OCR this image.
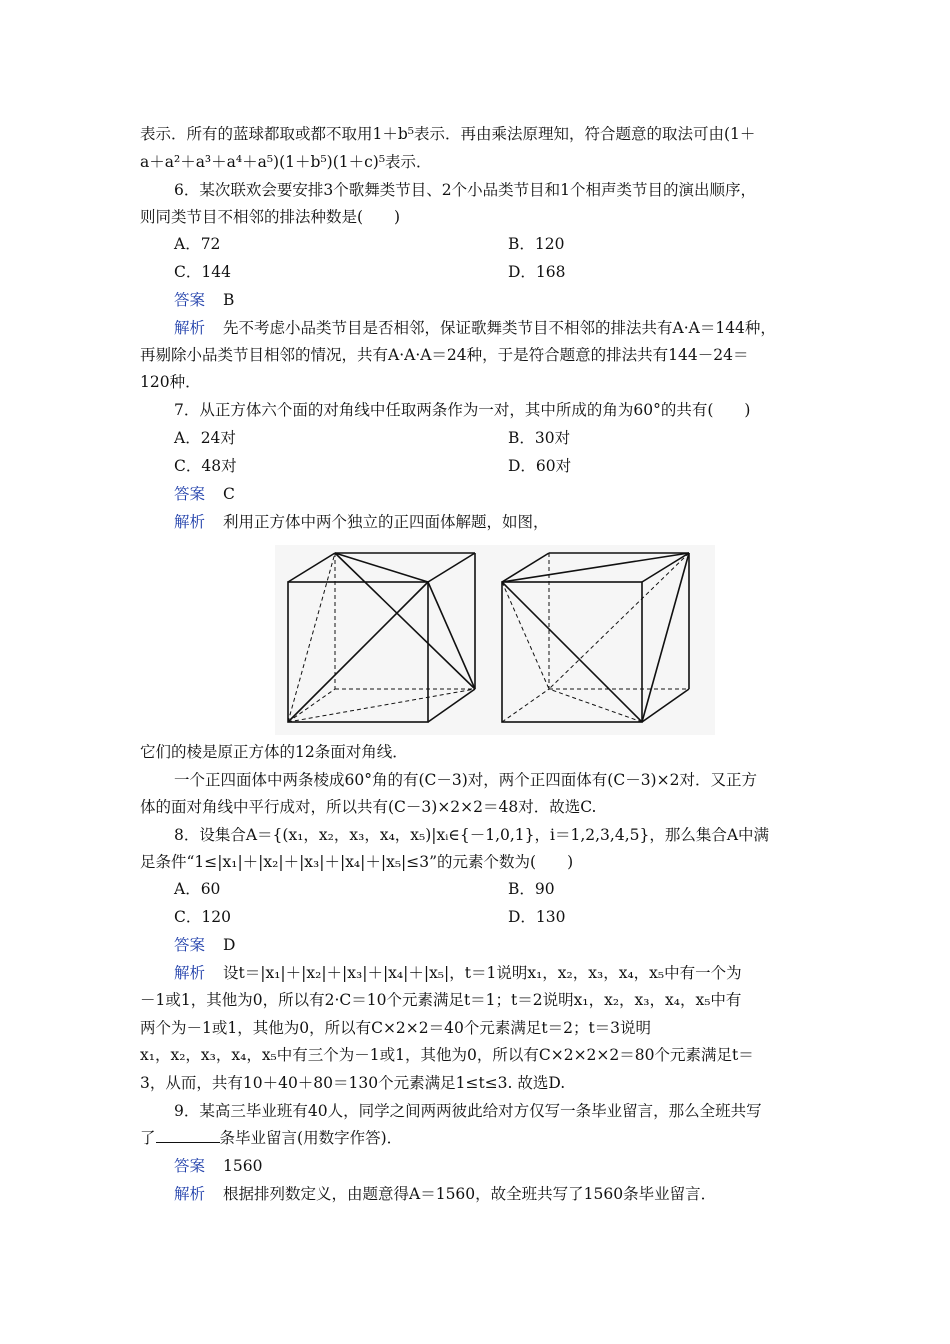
表示．所有的蓝球都取或都不取用1＋b⁵表示．再由乘法原理知，符合题意的取法可由(1＋
a＋a²＋a³＋a⁴＋a⁵)(1＋b⁵)(1＋c)⁵表示．
6．某次联欢会要安排3个歌舞类节目、2个小品类节目和1个相声类节目的演出顺序，
则同类节目不相邻的排法种数是(　　)
A．72	B．120
C．144	D．168
答案 B
解析 先不考虑小品类节目是否相邻，保证歌舞类节目不相邻的排法共有A·A＝144种，
再剔除小品类节目相邻的情况，共有A·A·A＝24种，于是符合题意的排法共有144－24＝
120种．
7．从正方体六个面的对角线中任取两条作为一对，其中所成的角为60°的共有(　　)
A．24对	B．30对
C．48对	D．60对
答案 C
解析 利用正方体中两个独立的正四面体解题，如图，
它们的棱是原正方体的12条面对角线．
一个正四面体中两条棱成60°角的有(C－3)对，两个正四面体有(C－3)×2对．又正方
体的面对角线中平行成对，所以共有(C－3)×2×2＝48对．故选C.
8．设集合A＝{(x₁，x₂，x₃，x₄，x₅)|xᵢ∈{－1,0,1}，i＝1,2,3,4,5}，那么集合A中满
足条件“1≤|x₁|＋|x₂|＋|x₃|＋|x₄|＋|x₅|≤3”的元素个数为(　　)
A．60	B．90
C．120	D．130
答案 D
解析 设t＝|x₁|＋|x₂|＋|x₃|＋|x₄|＋|x₅|，t＝1说明x₁，x₂，x₃，x₄，x₅中有一个为
－1或1，其他为0，所以有2·C＝10个元素满足t＝1；t＝2说明x₁，x₂，x₃，x₄，x₅中有
两个为－1或1，其他为0，所以有C×2×2＝40个元素满足t＝2；t＝3说明
x₁，x₂，x₃，x₄，x₅中有三个为－1或1，其他为0，所以有C×2×2×2＝80个元素满足t＝
3，从而，共有10＋40＋80＝130个元素满足1≤t≤3. 故选D.
9．某高三毕业班有40人，同学之间两两彼此给对方仅写一条毕业留言，那么全班共写
了	条毕业留言(用数字作答)．
答案 1560
解析 根据排列数定义，由题意得A＝1560，故全班共写了1560条毕业留言．
